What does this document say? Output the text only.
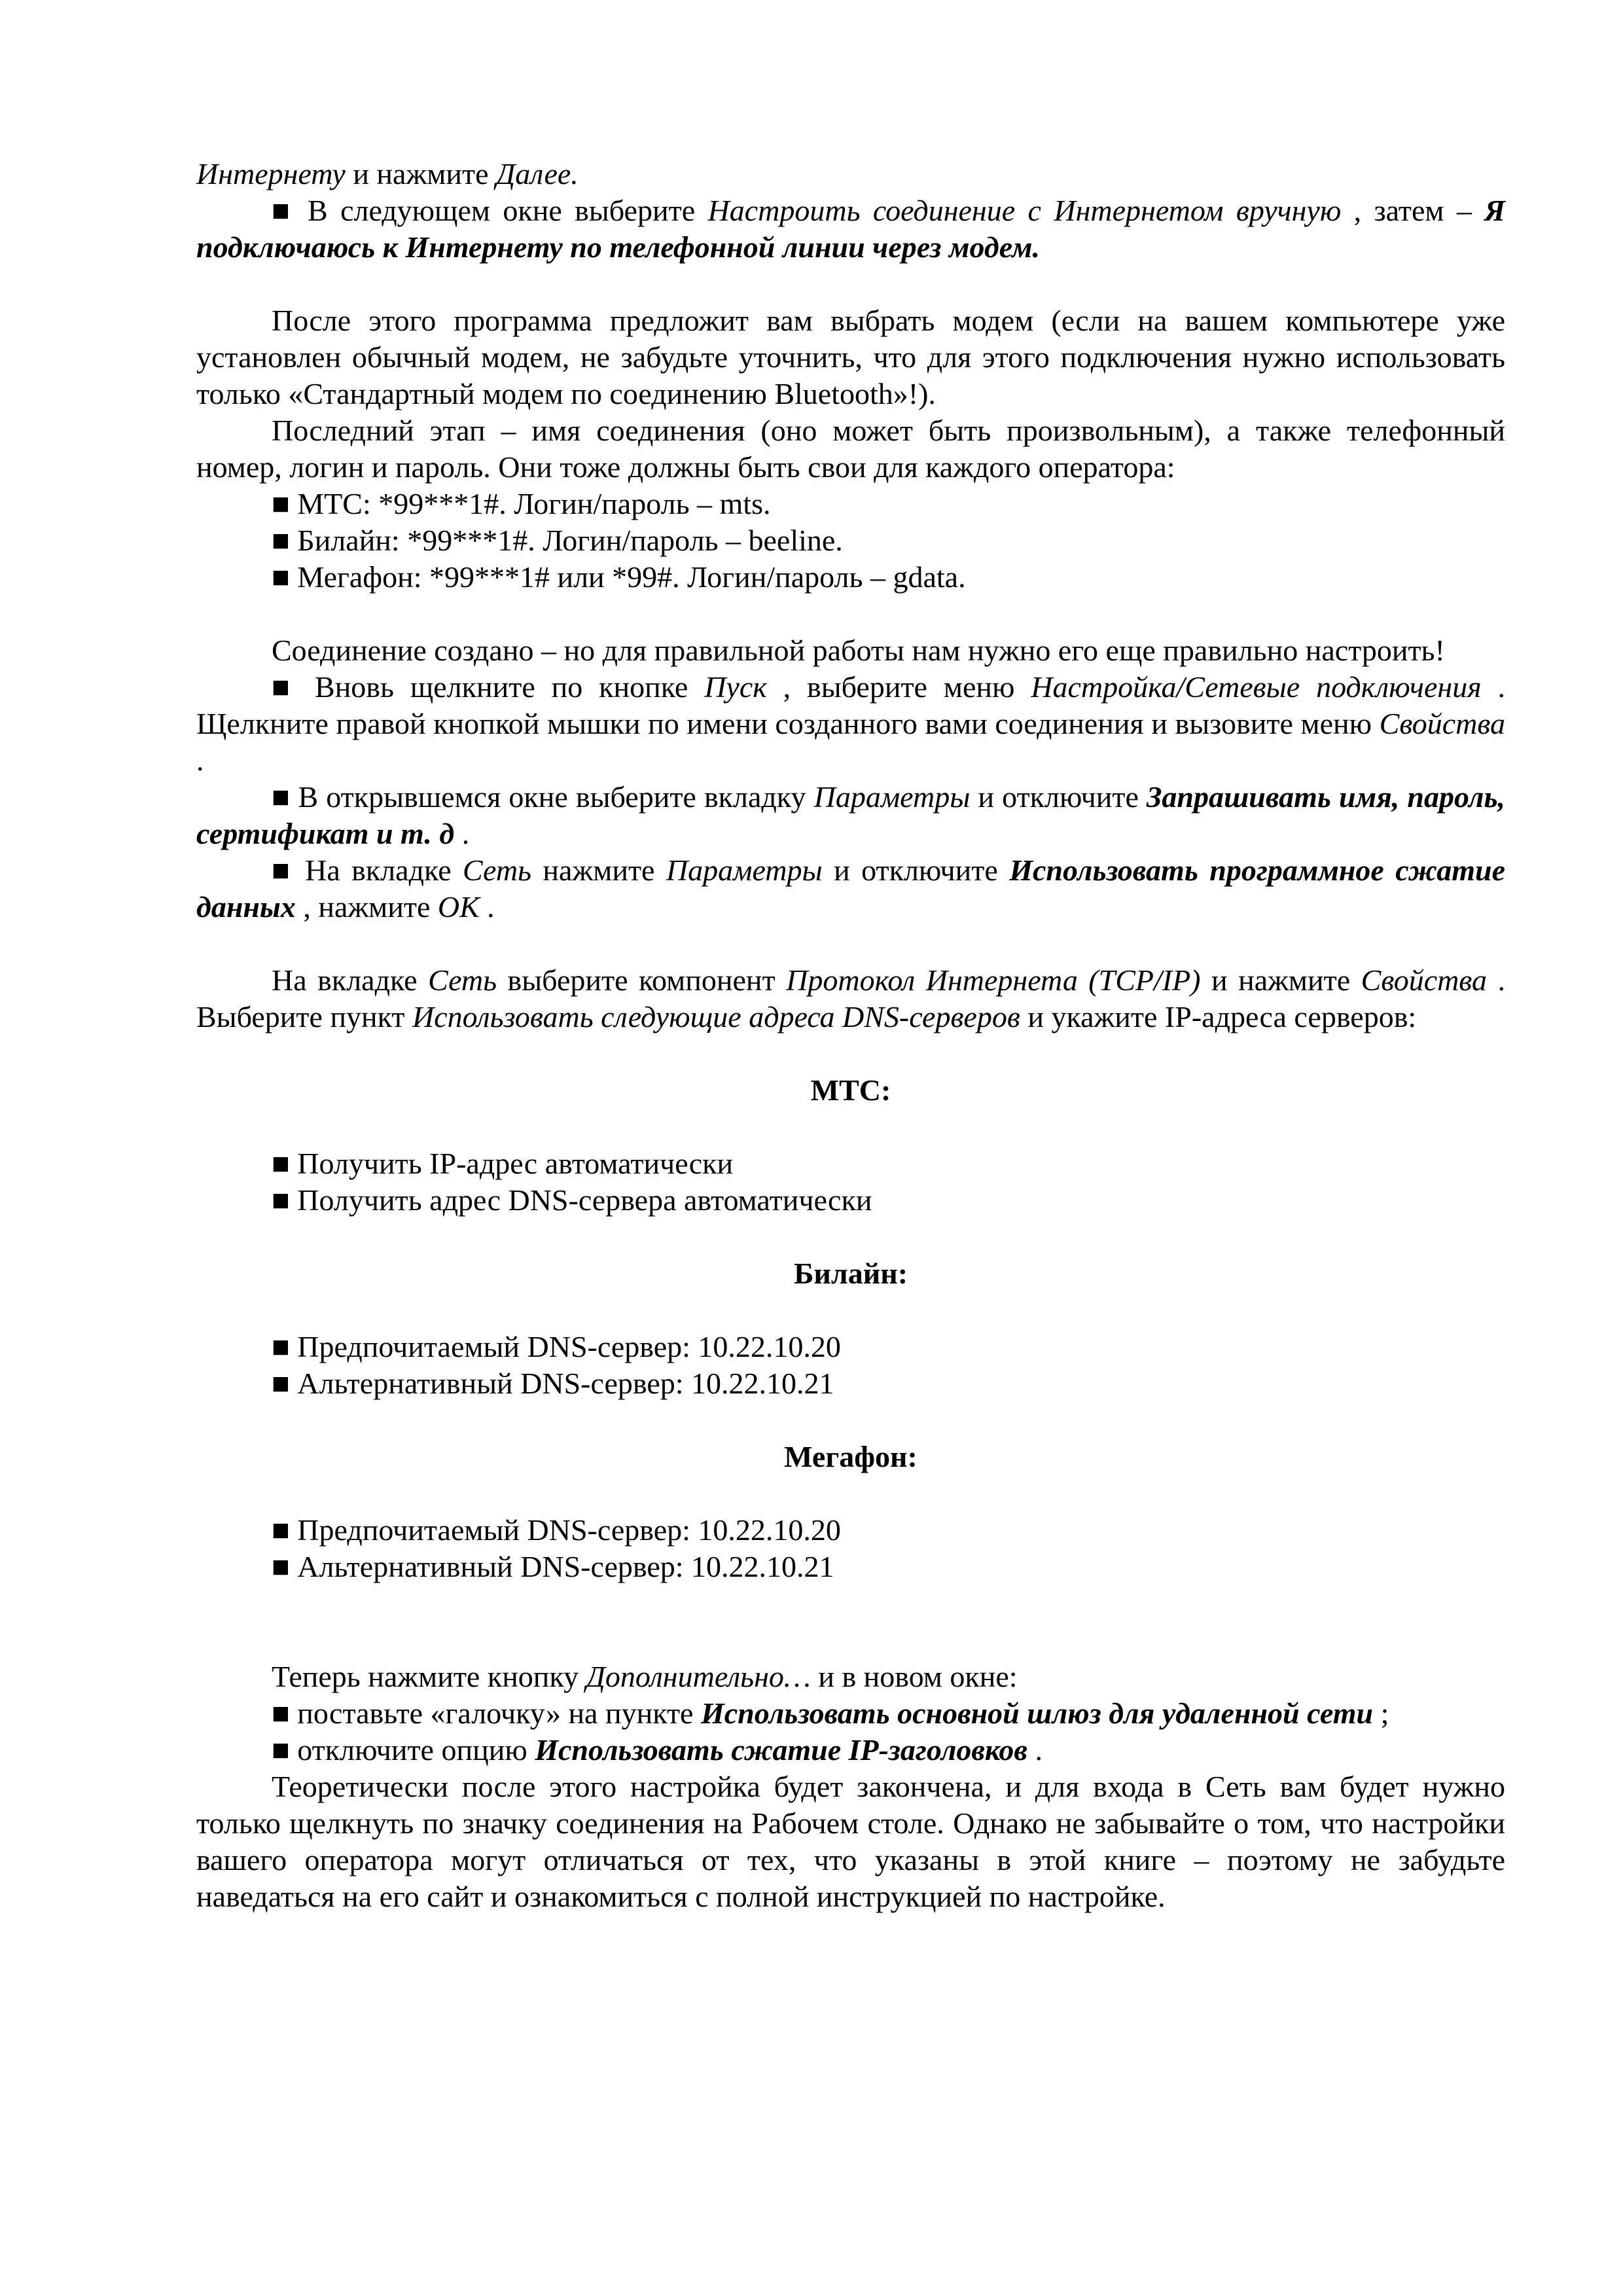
Интернету и нажмите Далее.

■ В следующем окне выберите Настроить соединение с Интернетом вручную , затем – Я подключаюсь к Интернету по телефонной линии через модем.

После этого программа предложит вам выбрать модем (если на вашем компьютере уже установлен обычный модем, не забудьте уточнить, что для этого подключения нужно использовать только «Стандартный модем по соединению Bluetooth»!).

Последний этап – имя соединения (оно может быть произвольным), а также телефонный номер, логин и пароль. Они тоже должны быть свои для каждого оператора:

■ МТС: *99***1#. Логин/пароль – mts.

■ Билайн: *99***1#. Логин/пароль – beeline.

■ Мегафон: *99***1# или *99#. Логин/пароль – gdata.

Соединение создано – но для правильной работы нам нужно его еще правильно настроить!

■ Вновь щелкните по кнопке Пуск , выберите меню Настройка/Сетевые подключения . Щелкните правой кнопкой мышки по имени созданного вами соединения и вызовите меню Свойства .

■ В открывшемся окне выберите вкладку Параметры и отключите Запрашивать имя, пароль, сертификат и т. д .

■ На вкладке Сеть нажмите Параметры и отключите Использовать программное сжатие данных , нажмите ОК .

На вкладке Сеть выберите компонент Протокол Интернета (TCP/IP) и нажмите Свойства . Выберите пункт Использовать следующие адреса DNS-серверов и укажите IP-адреса серверов:

МТС:

■ Получить IP-адрес автоматически

■ Получить адрес DNS-сервера автоматически

Билайн:

■ Предпочитаемый DNS-сервер: 10.22.10.20

■ Альтернативный DNS-сервер: 10.22.10.21

Мегафон:

■ Предпочитаемый DNS-сервер: 10.22.10.20

■ Альтернативный DNS-сервер: 10.22.10.21

Теперь нажмите кнопку Дополнительно… и в новом окне:

■ поставьте «галочку» на пункте Использовать основной шлюз для удаленной сети ;

■ отключите опцию Использовать сжатие IP-заголовков .

Теоретически после этого настройка будет закончена, и для входа в Сеть вам будет нужно только щелкнуть по значку соединения на Рабочем столе. Однако не забывайте о том, что настройки вашего оператора могут отличаться от тех, что указаны в этой книге – поэтому не забудьте наведаться на его сайт и ознакомиться с полной инструкцией по настройке.
